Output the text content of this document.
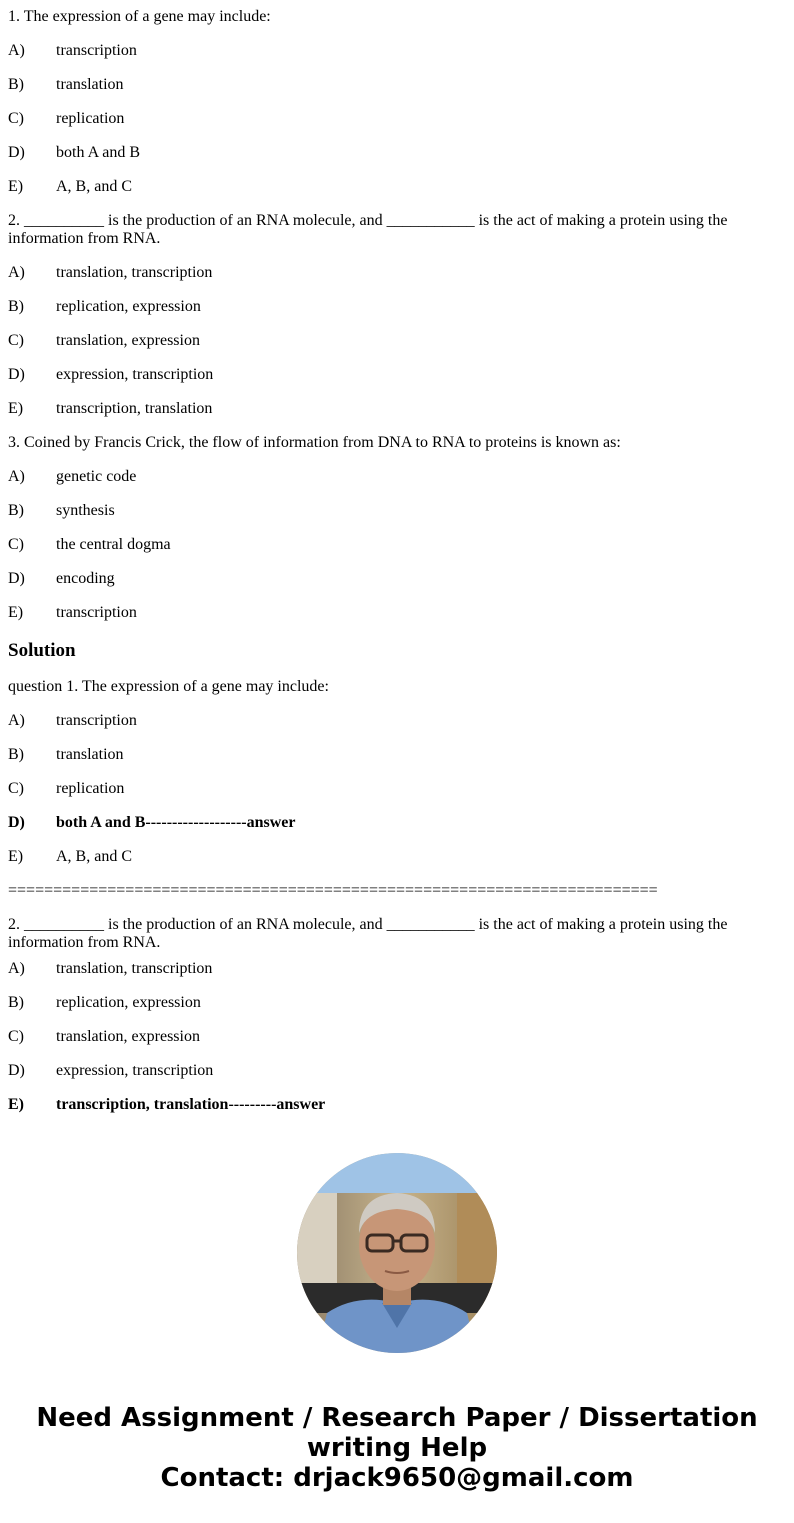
1. The expression of a gene may include:

A) transcription

B) translation

C) replication

D) both A and B

E) A, B, and C

2. __________ is the production of an RNA molecule, and ___________ is the act of making a protein using the information from RNA.

A) translation, transcription

B) replication, expression

C) translation, expression

D) expression, transcription

E) transcription, translation

3. Coined by Francis Crick, the flow of information from DNA to RNA to proteins is known as:

A) genetic code

B) synthesis

C) the central dogma

D) encoding

E) transcription

Solution

question 1. The expression of a gene may include:

A) transcription

B) translation

C) replication

D) both A and B-------------------answer

E) A, B, and C

========================================================================

2. __________ is the production of an RNA molecule, and ___________ is the act of making a protein using the information from RNA.

A) translation, transcription

B) replication, expression

C) translation, expression

D) expression, transcription

E) transcription, translation---------answer

Need Assignment / Research Paper / Dissertation
writing Help
Contact: drjack9650@gmail.com
